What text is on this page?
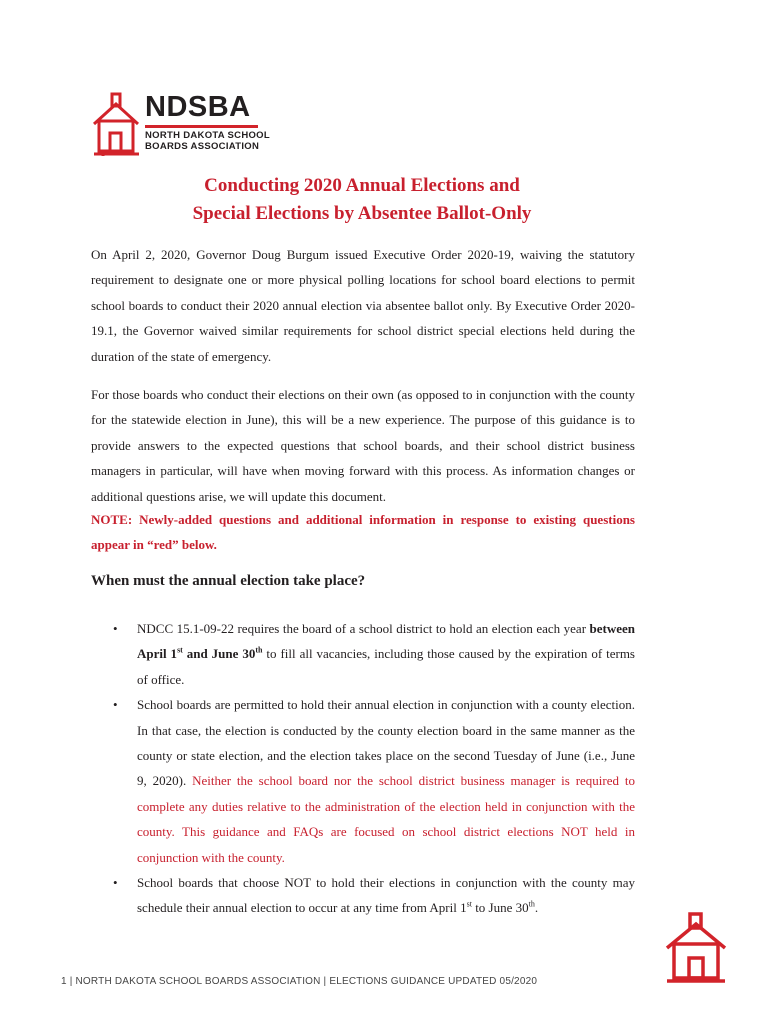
NDSBA
NORTH DAKOTA SCHOOL
BOARDS ASSOCIATION
Conducting 2020 Annual Elections and
Special Elections by Absentee Ballot-Only
On April 2, 2020, Governor Doug Burgum issued Executive Order 2020-19, waiving the statutory requirement to designate one or more physical polling locations for school board elections to permit school boards to conduct their 2020 annual election via absentee ballot only. By Executive Order 2020-19.1, the Governor waived similar requirements for school district special elections held during the duration of the state of emergency.
For those boards who conduct their elections on their own (as opposed to in conjunction with the county for the statewide election in June), this will be a new experience. The purpose of this guidance is to provide answers to the expected questions that school boards, and their school district business managers in particular, will have when moving forward with this process. As information changes or additional questions arise, we will update this document.
NOTE: Newly-added questions and additional information in response to existing questions appear in “red” below.
When must the annual election take place?
• NDCC 15.1-09-22 requires the board of a school district to hold an election each year between April 1st and June 30th to fill all vacancies, including those caused by the expiration of terms of office.
• School boards are permitted to hold their annual election in conjunction with a county election. In that case, the election is conducted by the county election board in the same manner as the county or state election, and the election takes place on the second Tuesday of June (i.e., June 9, 2020). Neither the school board nor the school district business manager is required to complete any duties relative to the administration of the election held in conjunction with the county. This guidance and FAQs are focused on school district elections NOT held in conjunction with the county.
• School boards that choose NOT to hold their elections in conjunction with the county may schedule their annual election to occur at any time from April 1st to June 30th.
1 | NORTH DAKOTA SCHOOL BOARDS ASSOCIATION | ELECTIONS GUIDANCE UPDATED 05/2020
